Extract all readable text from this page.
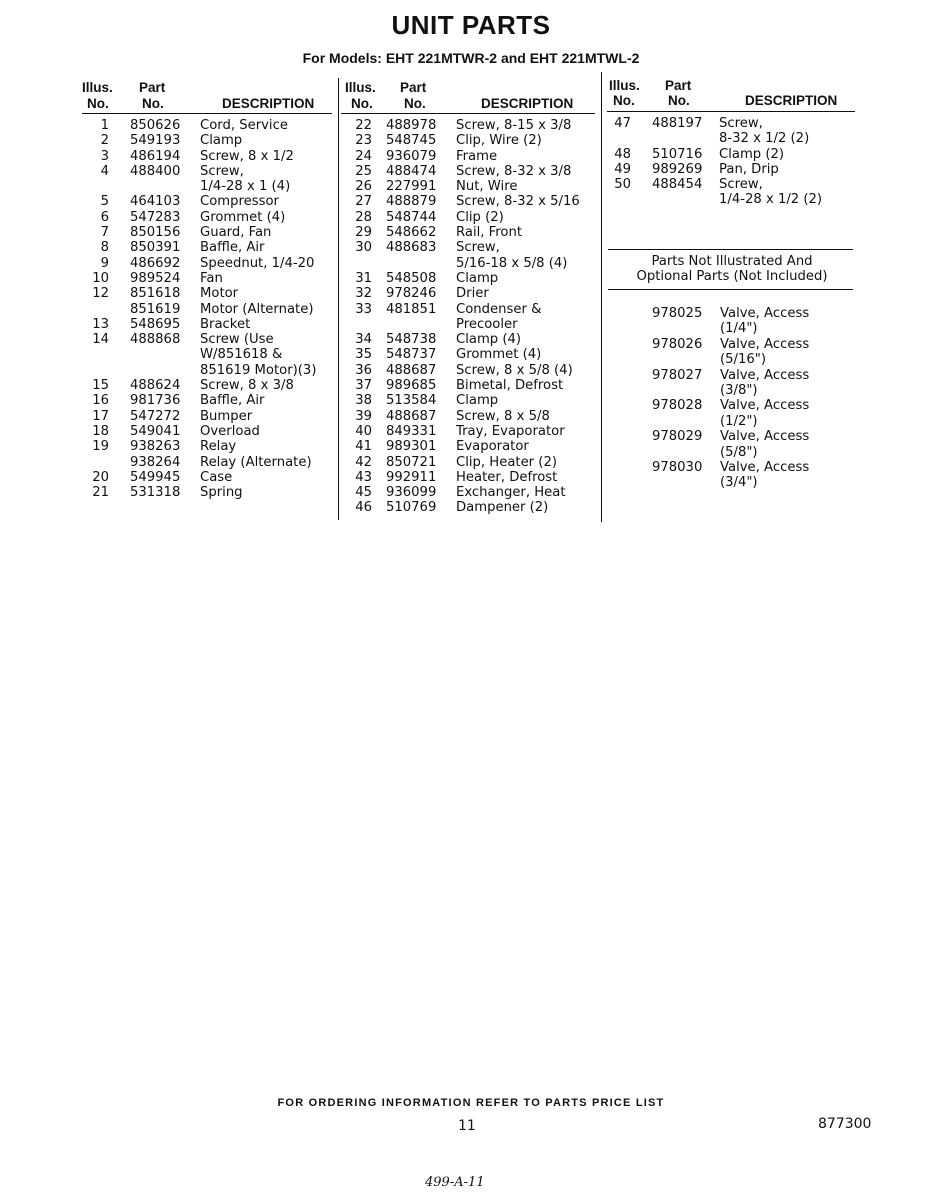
UNIT PARTS
For Models: EHT 221MTWR-2 and EHT 221MTWL-2
Illus.
No.
Part
No.	DESCRIPTION
1 850626 Cord, Service
2 549193 Clamp
3 486194 Screw, 8 x 1/2
4 488400 Screw,
1/4-28 x 1 (4)
5 464103 Compressor
6 547283 Grommet (4)
7 850156 Guard, Fan
8 850391 Baffle, Air
9 486692 Speednut, 1/4-20
10 989524 Fan
12 851618 Motor
851619 Motor (Alternate)
13 548695 Bracket
14 488868 Screw (Use
W/851618 &
851619 Motor)(3)
15 488624 Screw, 8 x 3/8
16 981736 Baffle, Air
17 547272 Bumper
18 549041 Overload
19 938263 Relay
938264 Relay (Alternate)
20 549945 Case
21 531318 Spring
Illus.
No.
Part
No.	DESCRIPTION
22 488978 Screw, 8-15 x 3/8
23 548745 Clip, Wire (2)
24 936079 Frame
25 488474 Screw, 8-32 x 3/8
26 227991 Nut, Wire
27 488879 Screw, 8-32 x 5/16
28 548744 Clip (2)
29 548662 Rail, Front
30 488683 Screw,
5/16-18 x 5/8 (4)
31 548508 Clamp
32 978246 Drier
33 481851 Condenser &
Precooler
34 548738 Clamp (4)
35 548737 Grommet (4)
36 488687 Screw, 8 x 5/8 (4)
37 989685 Bimetal, Defrost
38 513584 Clamp
39 488687 Screw, 8 x 5/8
40 849331 Tray, Evaporator
41 989301 Evaporator
42 850721 Clip, Heater (2)
43 992911 Heater, Defrost
45 936099 Exchanger, Heat
46 510769 Dampener (2)
Illus.
No.
Part
No.	DESCRIPTION
47 488197 Screw,
8-32 x 1/2 (2)
48 510716 Clamp (2)
49 989269 Pan, Drip
50 488454 Screw,
1/4-28 x 1/2 (2)
Parts Not Illustrated And
Optional Parts (Not Included)
978025 Valve, Access
(1/4")
978026 Valve, Access
(5/16")
978027 Valve, Access
(3/8")
978028 Valve, Access
(1/2")
978029 Valve, Access
(5/8")
978030 Valve, Access
(3/4")
FOR ORDERING INFORMATION REFER TO PARTS PRICE LIST
11	877300
499-A-11
